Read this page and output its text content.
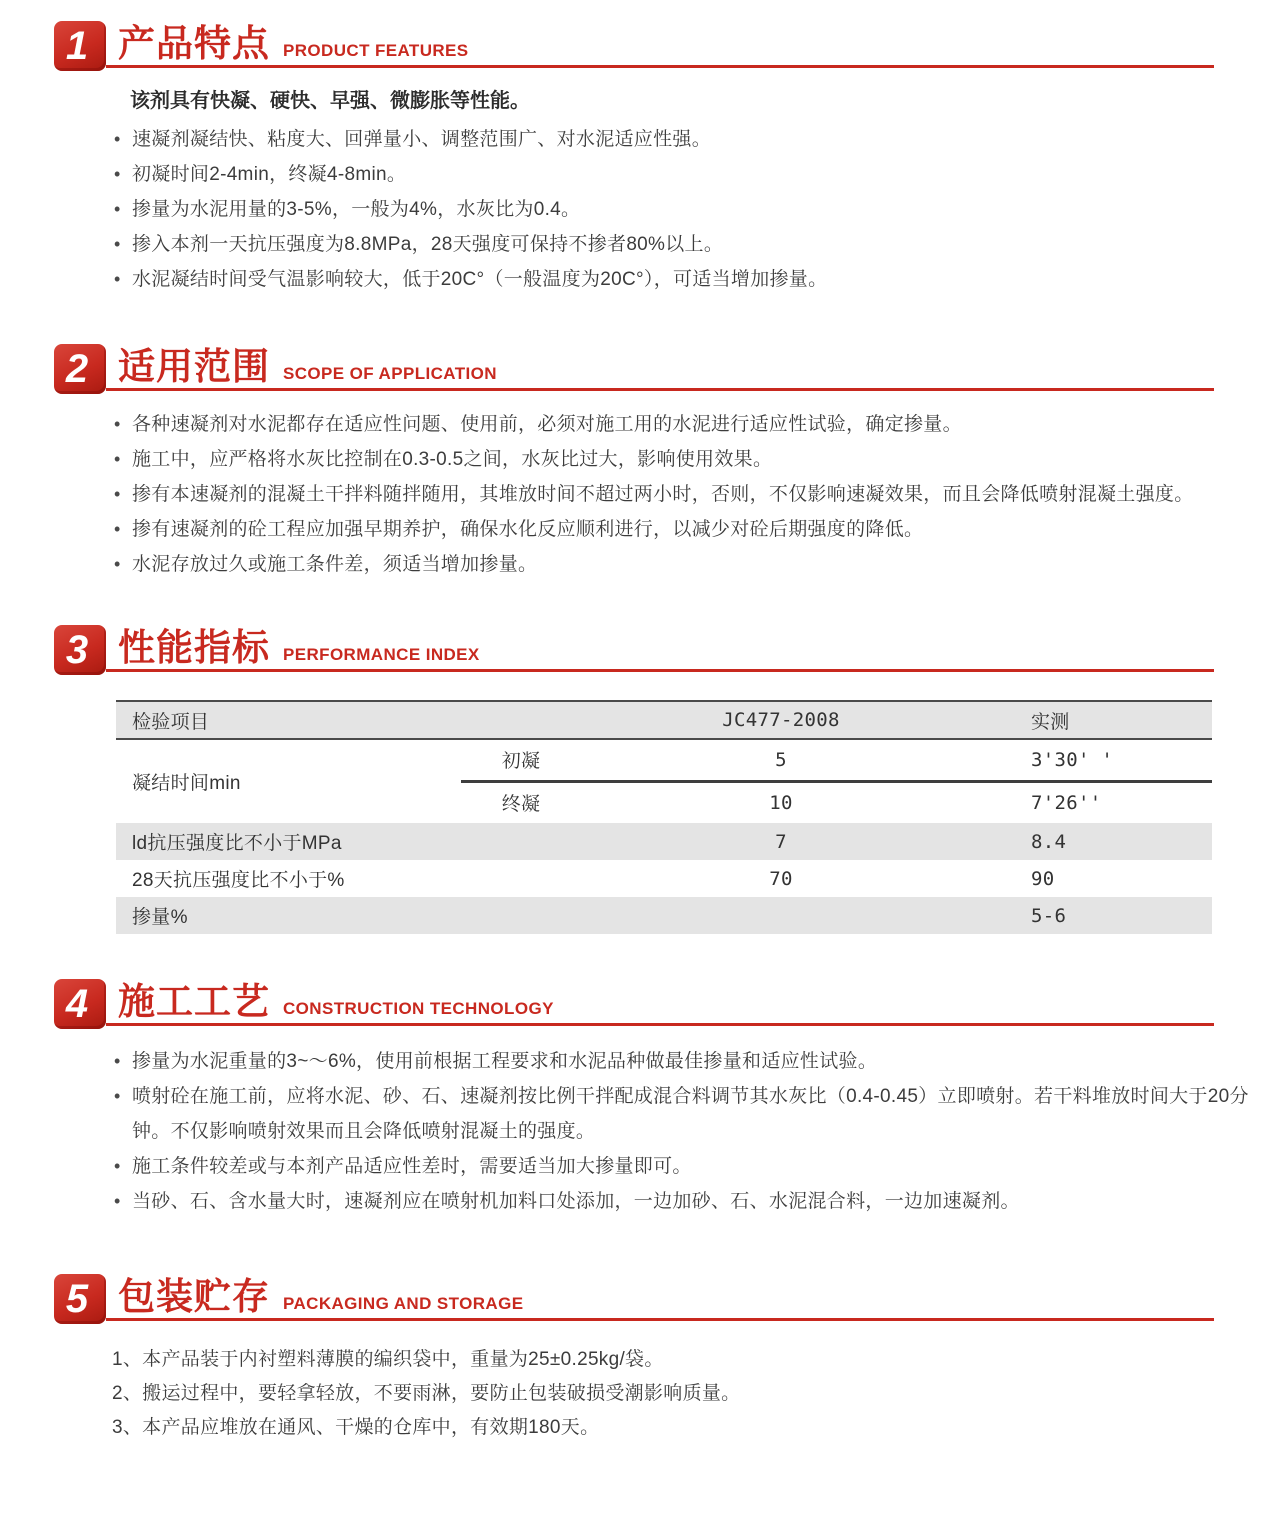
1 产品特点 PRODUCT FEATURES

该剂具有快凝、硬快、早强、微膨胀等性能。

• 速凝剂凝结快、粘度大、回弹量小、调整范围广、对水泥适应性强。
• 初凝时间2-4min，终凝4-8min。
• 掺量为水泥用量的3-5%，一般为4%，水灰比为0.4。
• 掺入本剂一天抗压强度为8.8MPa，28天强度可保持不掺者80%以上。
• 水泥凝结时间受气温影响较大，低于20C°（一般温度为20C°），可适当增加掺量。
2 适用范围 SCOPE OF APPLICATION
• 各种速凝剂对水泥都存在适应性问题、使用前，必须对施工用的水泥进行适应性试验，确定掺量。
• 施工中，应严格将水灰比控制在0.3-0.5之间，水灰比过大，影响使用效果。
• 掺有本速凝剂的混凝土干拌料随拌随用，其堆放时间不超过两小时，否则，不仅影响速凝效果，而且会降低喷射混凝土强度。
• 掺有速凝剂的砼工程应加强早期养护，确保水化反应顺利进行，以减少对砼后期强度的降低。
• 水泥存放过久或施工条件差，须适当增加掺量。
3 性能指标 PERFORMANCE INDEX
检验项目		JC477-2008	实测
凝结时间min	初凝	5	3'30' '
	终凝	10	7'26''
ld抗压强度比不小于MPa		7	8.4
28天抗压强度比不小于%		70	90
掺量%			5-6
4 施工工艺 CONSTRUCTION TECHNOLOGY
• 掺量为水泥重量的3~～6%，使用前根据工程要求和水泥品种做最佳掺量和适应性试验。
• 喷射砼在施工前，应将水泥、砂、石、速凝剂按比例干拌配成混合料调节其水灰比（0.4-0.45）立即喷射。若干料堆放时间大于20分钟。不仅影响喷射效果而且会降低喷射混凝土的强度。
• 施工条件较差或与本剂产品适应性差时，需要适当加大掺量即可。
• 当砂、石、含水量大时，速凝剂应在喷射机加料口处添加，一边加砂、石、水泥混合料，一边加速凝剂。
5 包装贮存 PACKAGING AND STORAGE
1、本产品装于内衬塑料薄膜的编织袋中，重量为25±0.25kg/袋。
2、搬运过程中，要轻拿轻放，不要雨淋，要防止包装破损受潮影响质量。
3、本产品应堆放在通风、干燥的仓库中，有效期180天。
